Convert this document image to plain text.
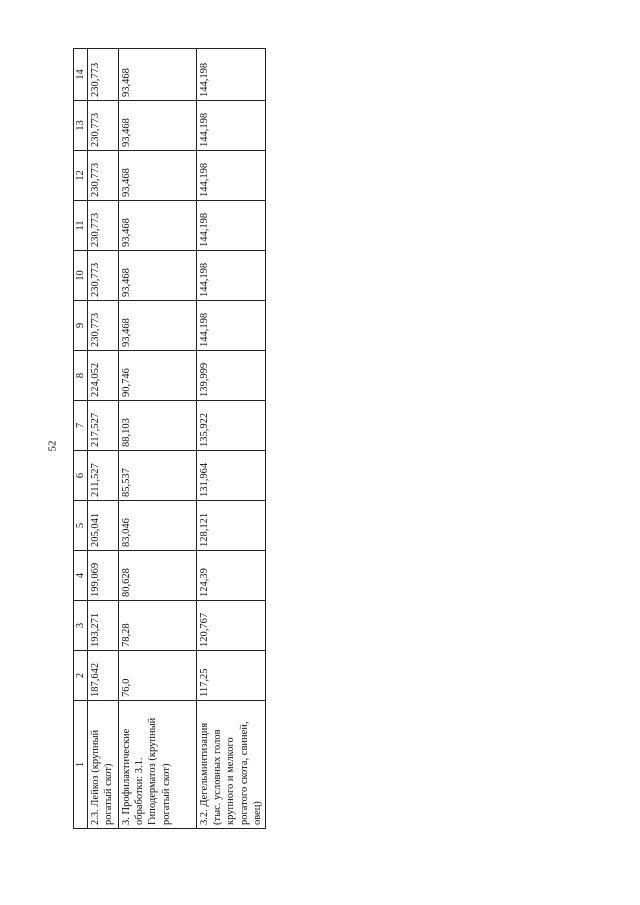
52
1	2	3	4	5	6	7	8	9	10	11	12	13	14
2.3. Лейкоз (крупный рогатый скот)	187,642	193,271	199,069	205,041	211,527	217,527	224,052	230,773	230,773	230,773	230,773	230,773	230,773
3. Профилактические обработки: 3.1. Гиподерматоз (крупный рогатый скот)	76,0	78,28	80,628	83,046	85,537	88,103	90,746	93,468	93,468	93,468	93,468	93,468	93,468
3.2. Дегельминтизация (тыс. условных голов крупного и мелкого рогатого скота, свиней, овец)	117,25	120,767	124,39	128,121	131,964	135,922	139,999	144,198	144,198	144,198	144,198	144,198	144,198
